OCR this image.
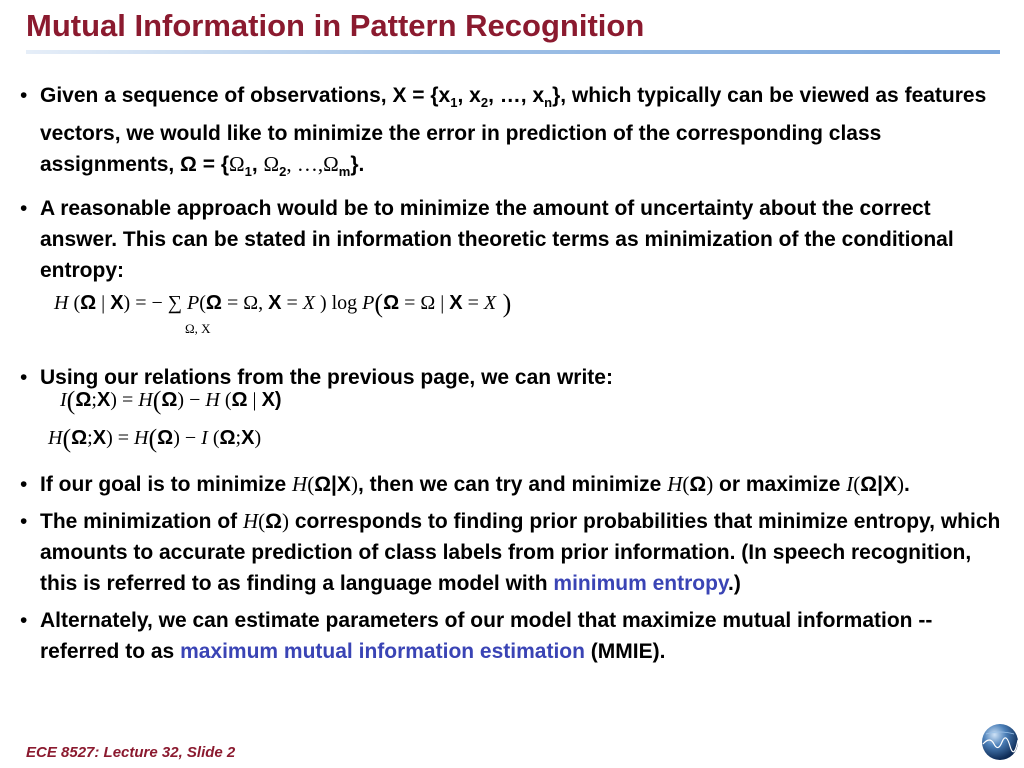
Mutual Information in Pattern Recognition
• Given a sequence of observations, $X = \{x_1$, $x_2$, …, $x_n$}, which typically can be viewed as features vectors, we would like to minimize the error in prediction of the corresponding class assignments, $\Omega = \{\Omega_1$, $\Omega_2$, $\dots,\Omega_m$}.
• A reasonable approach would be to minimize the amount of uncertainty about the correct answer. This can be stated in information theoretic terms as minimization of the conditional entropy:
• Using our relations from the previous page, we can write:
• If our goal is to minimize H(Ω|X), then we can try and minimize H(Ω) or maximize I(Ω|X).
• The minimization of H(Ω) corresponds to finding prior probabilities that minimize entropy, which amounts to accurate prediction of class labels from prior information. (In speech recognition, this is referred to as finding a language model with minimum entropy.)
• Alternately, we can estimate parameters of our model that maximize mutual information -- referred to as maximum mutual information estimation (MMIE).
H (Ω | X) = − ∑ P(Ω = Ω, X = X ) log P(Ω = Ω | X = X )
Ω, X
I(Ω;X) = H(Ω) − H (Ω | X)
H(Ω;X) = H(Ω) − I (Ω;X)
ECE 8527: Lecture 32, Slide 2
